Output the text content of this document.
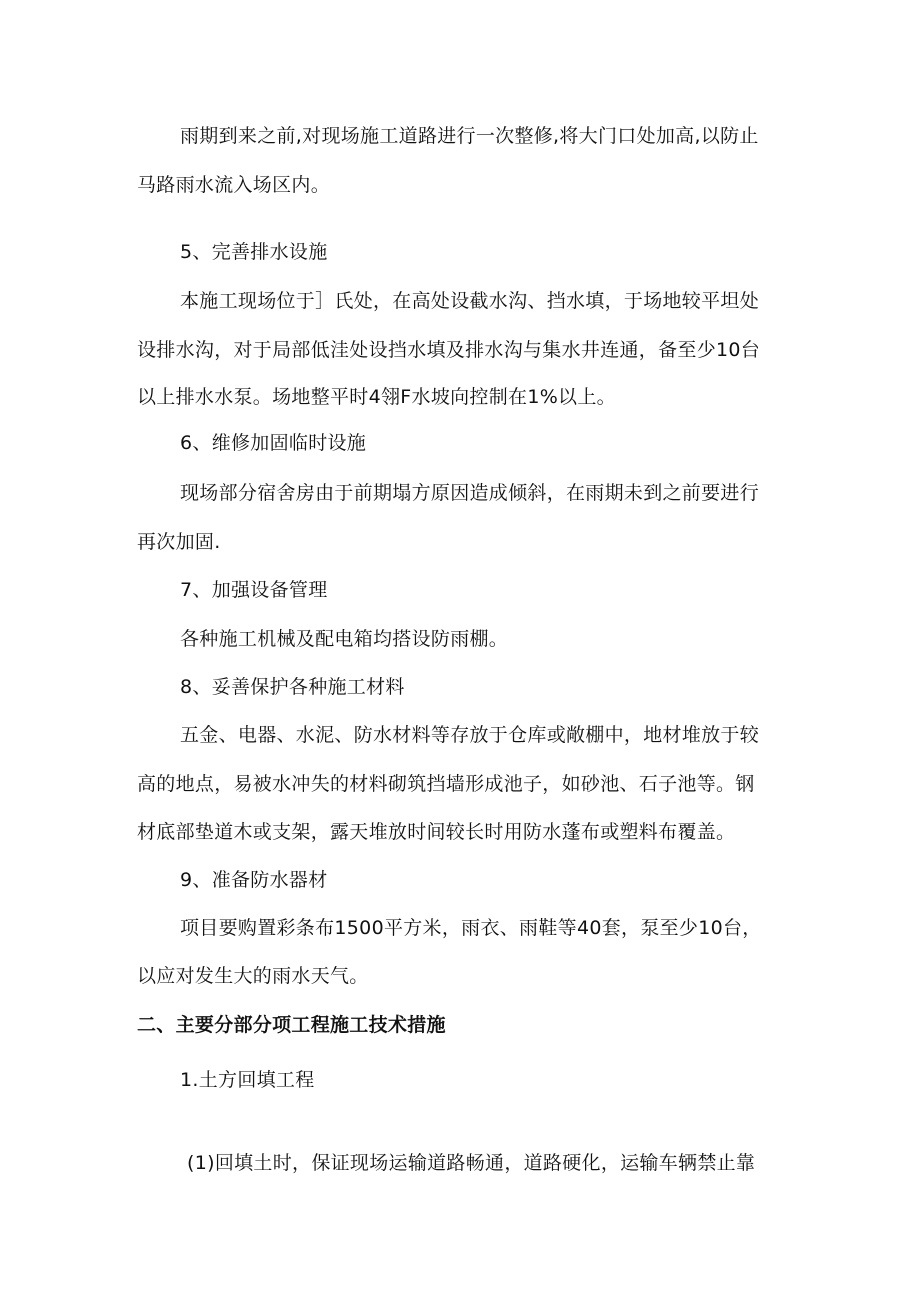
雨期到来之前,对现场施工道路进行一次整修,将大门口处加高,以防止
马路雨水流入场区内。
5、完善排水设施
本施工现场位于］氏处，在高处设截水沟、挡水填，于场地较平坦处
设排水沟，对于局部低洼处设挡水填及排水沟与集水井连通，备至少10台
以上排水水泵。场地整平时4翎F水坡向控制在1%以上。
6、维修加固临时设施
现场部分宿舍房由于前期塌方原因造成倾斜，在雨期未到之前要进行
再次加固.
7、加强设备管理
各种施工机械及配电箱均搭设防雨棚。
8、妥善保护各种施工材料
五金、电器、水泥、防水材料等存放于仓库或敞棚中，地材堆放于较
高的地点，易被水冲失的材料砌筑挡墙形成池子，如砂池、石子池等。钢
材底部垫道木或支架，露天堆放时间较长时用防水蓬布或塑料布覆盖。
9、准备防水器材
项目要购置彩条布1500平方米，雨衣、雨鞋等40套，泵至少10台，
以应对发生大的雨水天气。
二、主要分部分项工程施工技术措施
1.土方回填工程
(1)回填土时，保证现场运输道路畅通，道路硬化，运输车辆禁止靠
